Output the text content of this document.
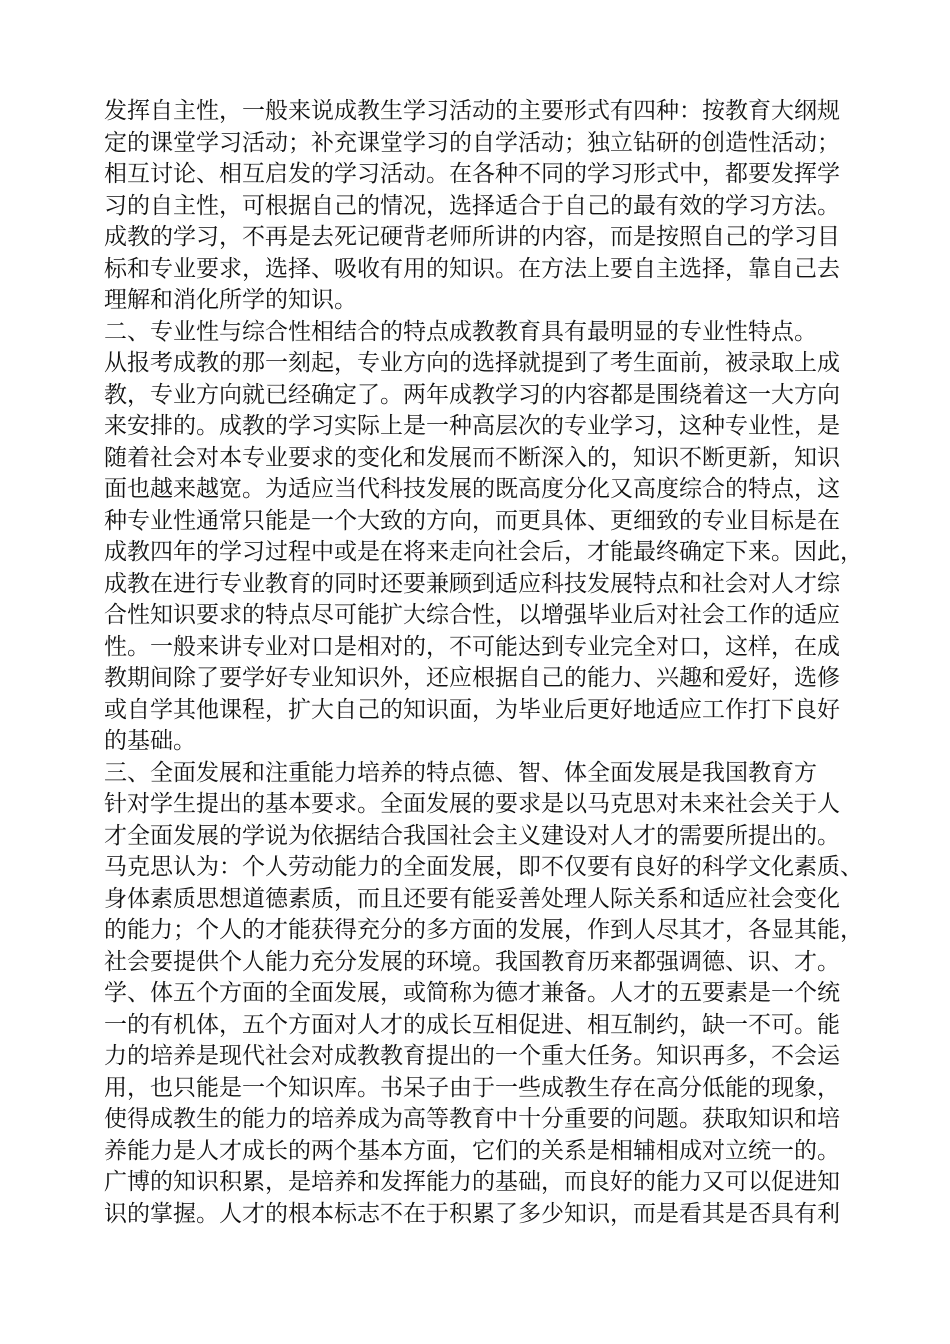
发挥自主性，一般来说成教生学习活动的主要形式有四种：按教育大纲规
定的课堂学习活动；补充课堂学习的自学活动；独立钻研的创造性活动；
相互讨论、相互启发的学习活动。在各种不同的学习形式中，都要发挥学
习的自主性，可根据自己的情况，选择适合于自己的最有效的学习方法。
成教的学习，不再是去死记硬背老师所讲的内容，而是按照自己的学习目
标和专业要求，选择、吸收有用的知识。在方法上要自主选择，靠自己去
理解和消化所学的知识。
二、专业性与综合性相结合的特点成教教育具有最明显的专业性特点。
从报考成教的那一刻起，专业方向的选择就提到了考生面前，被录取上成
教，专业方向就已经确定了。两年成教学习的内容都是围绕着这一大方向
来安排的。成教的学习实际上是一种高层次的专业学习，这种专业性，是
随着社会对本专业要求的变化和发展而不断深入的，知识不断更新，知识
面也越来越宽。为适应当代科技发展的既高度分化又高度综合的特点，这
种专业性通常只能是一个大致的方向，而更具体、更细致的专业目标是在
成教四年的学习过程中或是在将来走向社会后，才能最终确定下来。因此，
成教在进行专业教育的同时还要兼顾到适应科技发展特点和社会对人才综
合性知识要求的特点尽可能扩大综合性，以增强毕业后对社会工作的适应
性。一般来讲专业对口是相对的，不可能达到专业完全对口，这样，在成
教期间除了要学好专业知识外，还应根据自己的能力、兴趣和爱好，选修
或自学其他课程，扩大自己的知识面，为毕业后更好地适应工作打下良好
的基础。
三、全面发展和注重能力培养的特点德、智、体全面发展是我国教育方
针对学生提出的基本要求。全面发展的要求是以马克思对未来社会关于人
才全面发展的学说为依据结合我国社会主义建设对人才的需要所提出的。
马克思认为：个人劳动能力的全面发展，即不仅要有良好的科学文化素质、
身体素质思想道德素质，而且还要有能妥善处理人际关系和适应社会变化
的能力；个人的才能获得充分的多方面的发展，作到人尽其才，各显其能，
社会要提供个人能力充分发展的环境。我国教育历来都强调德、识、才。
学、体五个方面的全面发展，或简称为德才兼备。人才的五要素是一个统
一的有机体，五个方面对人才的成长互相促进、相互制约，缺一不可。能
力的培养是现代社会对成教教育提出的一个重大任务。知识再多，不会运
用，也只能是一个知识库。书呆子由于一些成教生存在高分低能的现象，
使得成教生的能力的培养成为高等教育中十分重要的问题。获取知识和培
养能力是人才成长的两个基本方面，它们的关系是相辅相成对立统一的。
广博的知识积累，是培养和发挥能力的基础，而良好的能力又可以促进知
识的掌握。人才的根本标志不在于积累了多少知识，而是看其是否具有利
